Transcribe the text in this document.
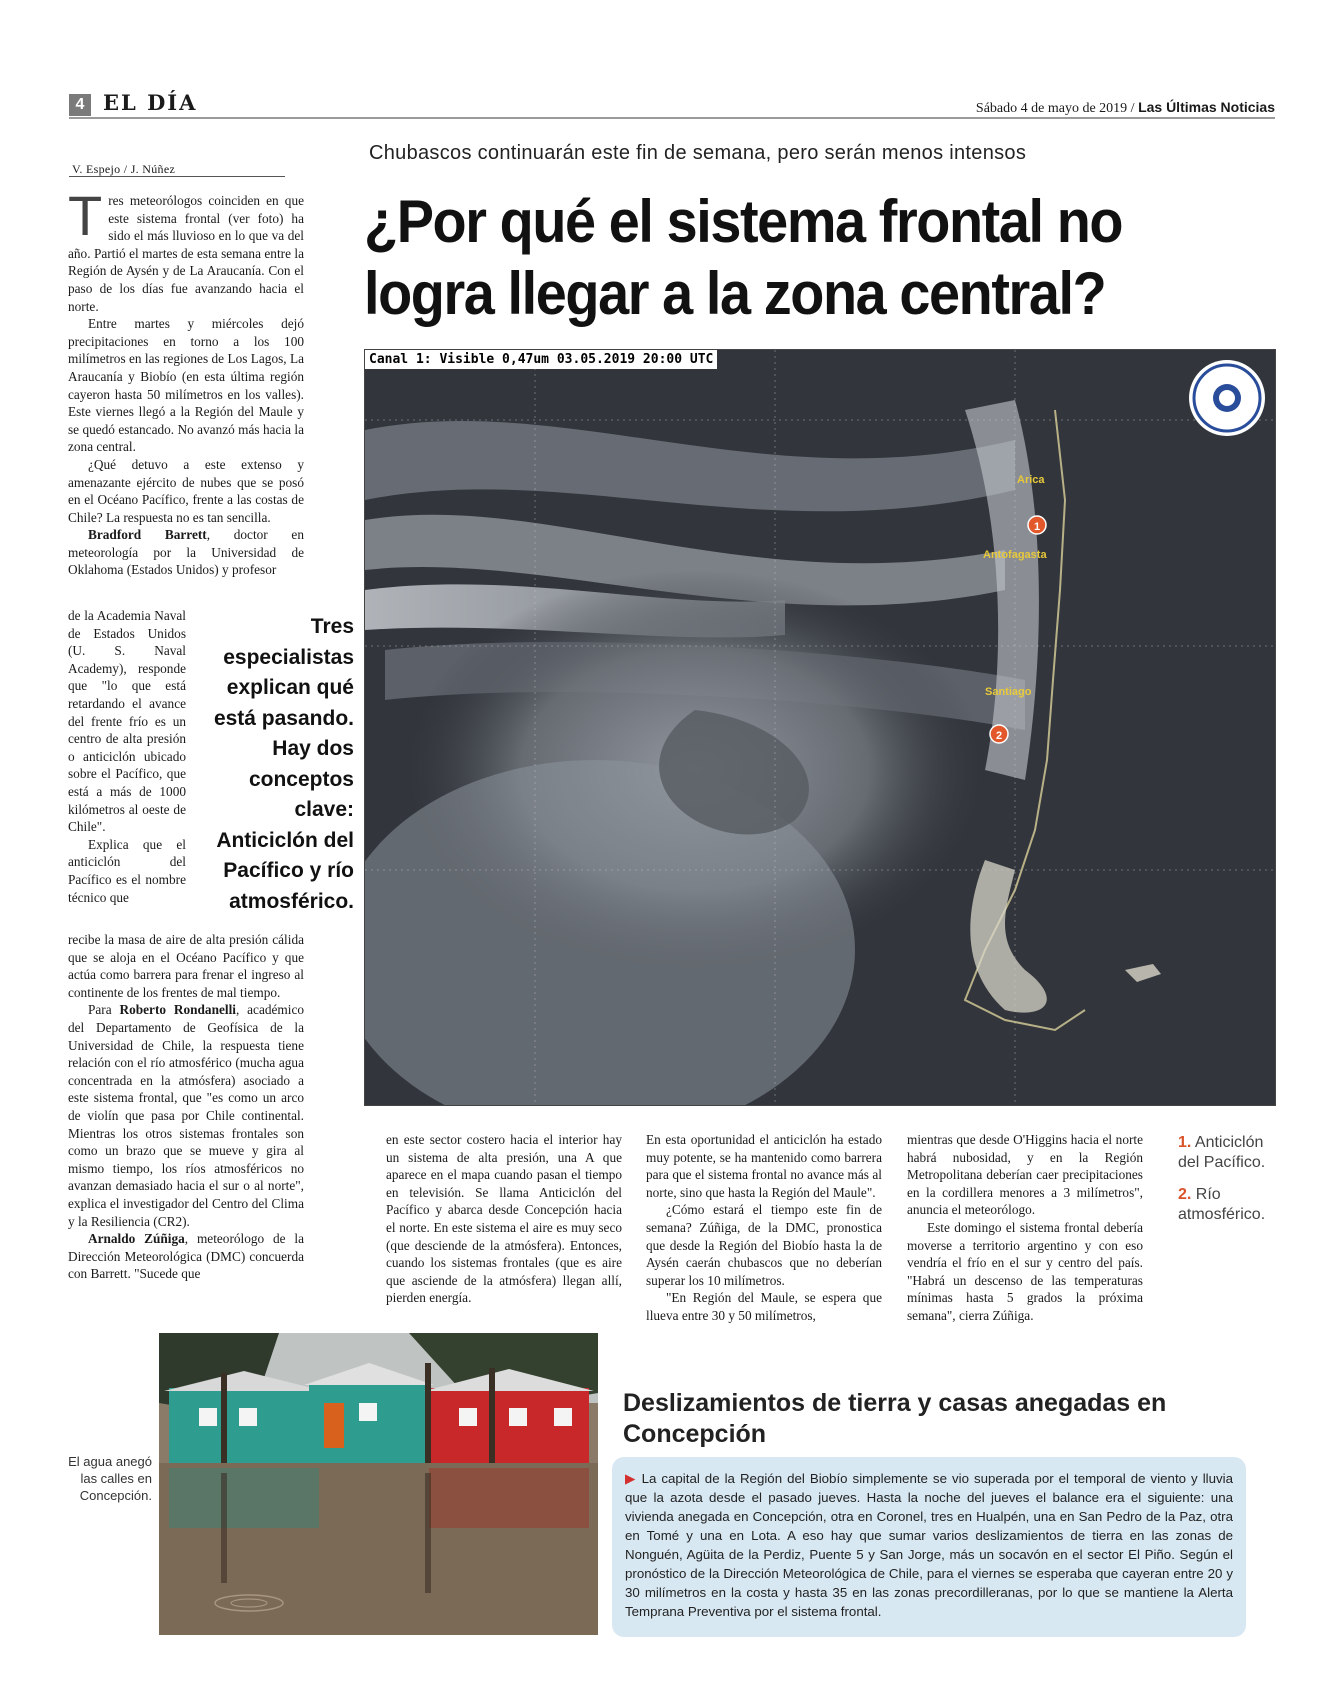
4 EL DÍA	Sábado 4 de mayo de 2019 / Las Últimas Noticias
V. Espejo / J. Núñez
Chubascos continuarán este fin de semana, pero serán menos intensos
¿Por qué el sistema frontal no logra llegar a la zona central?

Tres meteorólogos coinciden en que este sistema frontal (ver foto) ha sido el más lluvioso en lo que va del año. Partió el martes de esta semana entre la Región de Aysén y de La Araucanía. Con el paso de los días fue avanzando hacia el norte.

Entre martes y miércoles dejó precipitaciones en torno a los 100 milímetros en las regiones de Los Lagos, La Araucanía y Biobío (en esta última región cayeron hasta 50 milímetros en los valles). Este viernes llegó a la Región del Maule y se quedó estancado. No avanzó más hacia la zona central.

¿Qué detuvo a este extenso y amenazante ejército de nubes que se posó en el Océano Pacífico, frente a las costas de Chile? La respuesta no es tan sencilla.

Bradford Barrett, doctor en meteorología por la Universidad de Oklahoma (Estados Unidos) y profesor

de la Academia Naval de Estados Unidos (U. S. Naval Academy), responde que "lo que está retardando el avance del frente frío es un centro de alta presión o anticiclón ubicado sobre el Pacífico, que está a más de 1000 kilómetros al oeste de Chile".

Explica que el anticiclón del Pacífico es el nombre técnico que

Tres especialistas explican qué está pasando. Hay dos conceptos clave: Anticiclón del Pacífico y río atmosférico.

recibe la masa de aire de alta presión cálida que se aloja en el Océano Pacífico y que actúa como barrera para frenar el ingreso al continente de los frentes de mal tiempo.

Para Roberto Rondanelli, académico del Departamento de Geofísica de la Universidad de Chile, la respuesta tiene relación con el río atmosférico (mucha agua concentrada en la atmósfera) asociado a este sistema frontal, que "es como un arco de violín que pasa por Chile continental. Mientras los otros sistemas frontales son como un brazo que se mueve y gira al mismo tiempo, los ríos atmosféricos no avanzan demasiado hacia el sur o al norte", explica el investigador del Centro del Clima y la Resiliencia (CR2).

Arnaldo Zúñiga, meteorólogo de la Dirección Meteorológica (DMC) concuerda con Barrett. "Sucede que

1
2
Arica
Antofagasta
Santiago
Canal 1: Visible 0,47um 03.05.2019 20:00 UTC

en este sector costero hacia el interior hay un sistema de alta presión, una A que aparece en el mapa cuando pasan el tiempo en televisión. Se llama Anticiclón del Pacífico y abarca desde Concepción hacia el norte. En este sistema el aire es muy seco (que desciende de la atmósfera). Entonces, cuando los sistemas frontales (que es aire que asciende de la atmósfera) llegan allí, pierden energía.

En esta oportunidad el anticiclón ha estado muy potente, se ha mantenido como barrera para que el sistema frontal no avance más al norte, sino que hasta la Región del Maule".

¿Cómo estará el tiempo este fin de semana? Zúñiga, de la DMC, pronostica que desde la Región del Biobío hasta la de Aysén caerán chubascos que no deberían superar los 10 milímetros.

"En Región del Maule, se espera que llueva entre 30 y 50 milímetros,

mientras que desde O'Higgins hacia el norte habrá nubosidad, y en la Región Metropolitana deberían caer precipitaciones en la cordillera menores a 3 milímetros", anuncia el meteorólogo.

Este domingo el sistema frontal debería moverse a territorio argentino y con eso vendría el frío en el sur y centro del país. "Habrá un descenso de las temperaturas mínimas hasta 5 grados la próxima semana", cierra Zúñiga.

1. Anticiclón del Pacífico.
2. Río atmosférico.
El agua anegó las calles en Concepción.
Deslizamientos de tierra y casas anegadas en Concepción
▶ La capital de la Región del Biobío simplemente se vio superada por el temporal de viento y lluvia que la azota desde el pasado jueves. Hasta la noche del jueves el balance era el siguiente: una vivienda anegada en Concepción, otra en Coronel, tres en Hualpén, una en San Pedro de la Paz, otra en Tomé y una en Lota. A eso hay que sumar varios deslizamientos de tierra en las zonas de Nonguén, Agüita de la Perdiz, Puente 5 y San Jorge, más un socavón en el sector El Piño. Según el pronóstico de la Dirección Meteorológica de Chile, para el viernes se esperaba que cayeran entre 20 y 30 milímetros en la costa y hasta 35 en las zonas precordilleranas, por lo que se mantiene la Alerta Temprana Preventiva por el sistema frontal.
